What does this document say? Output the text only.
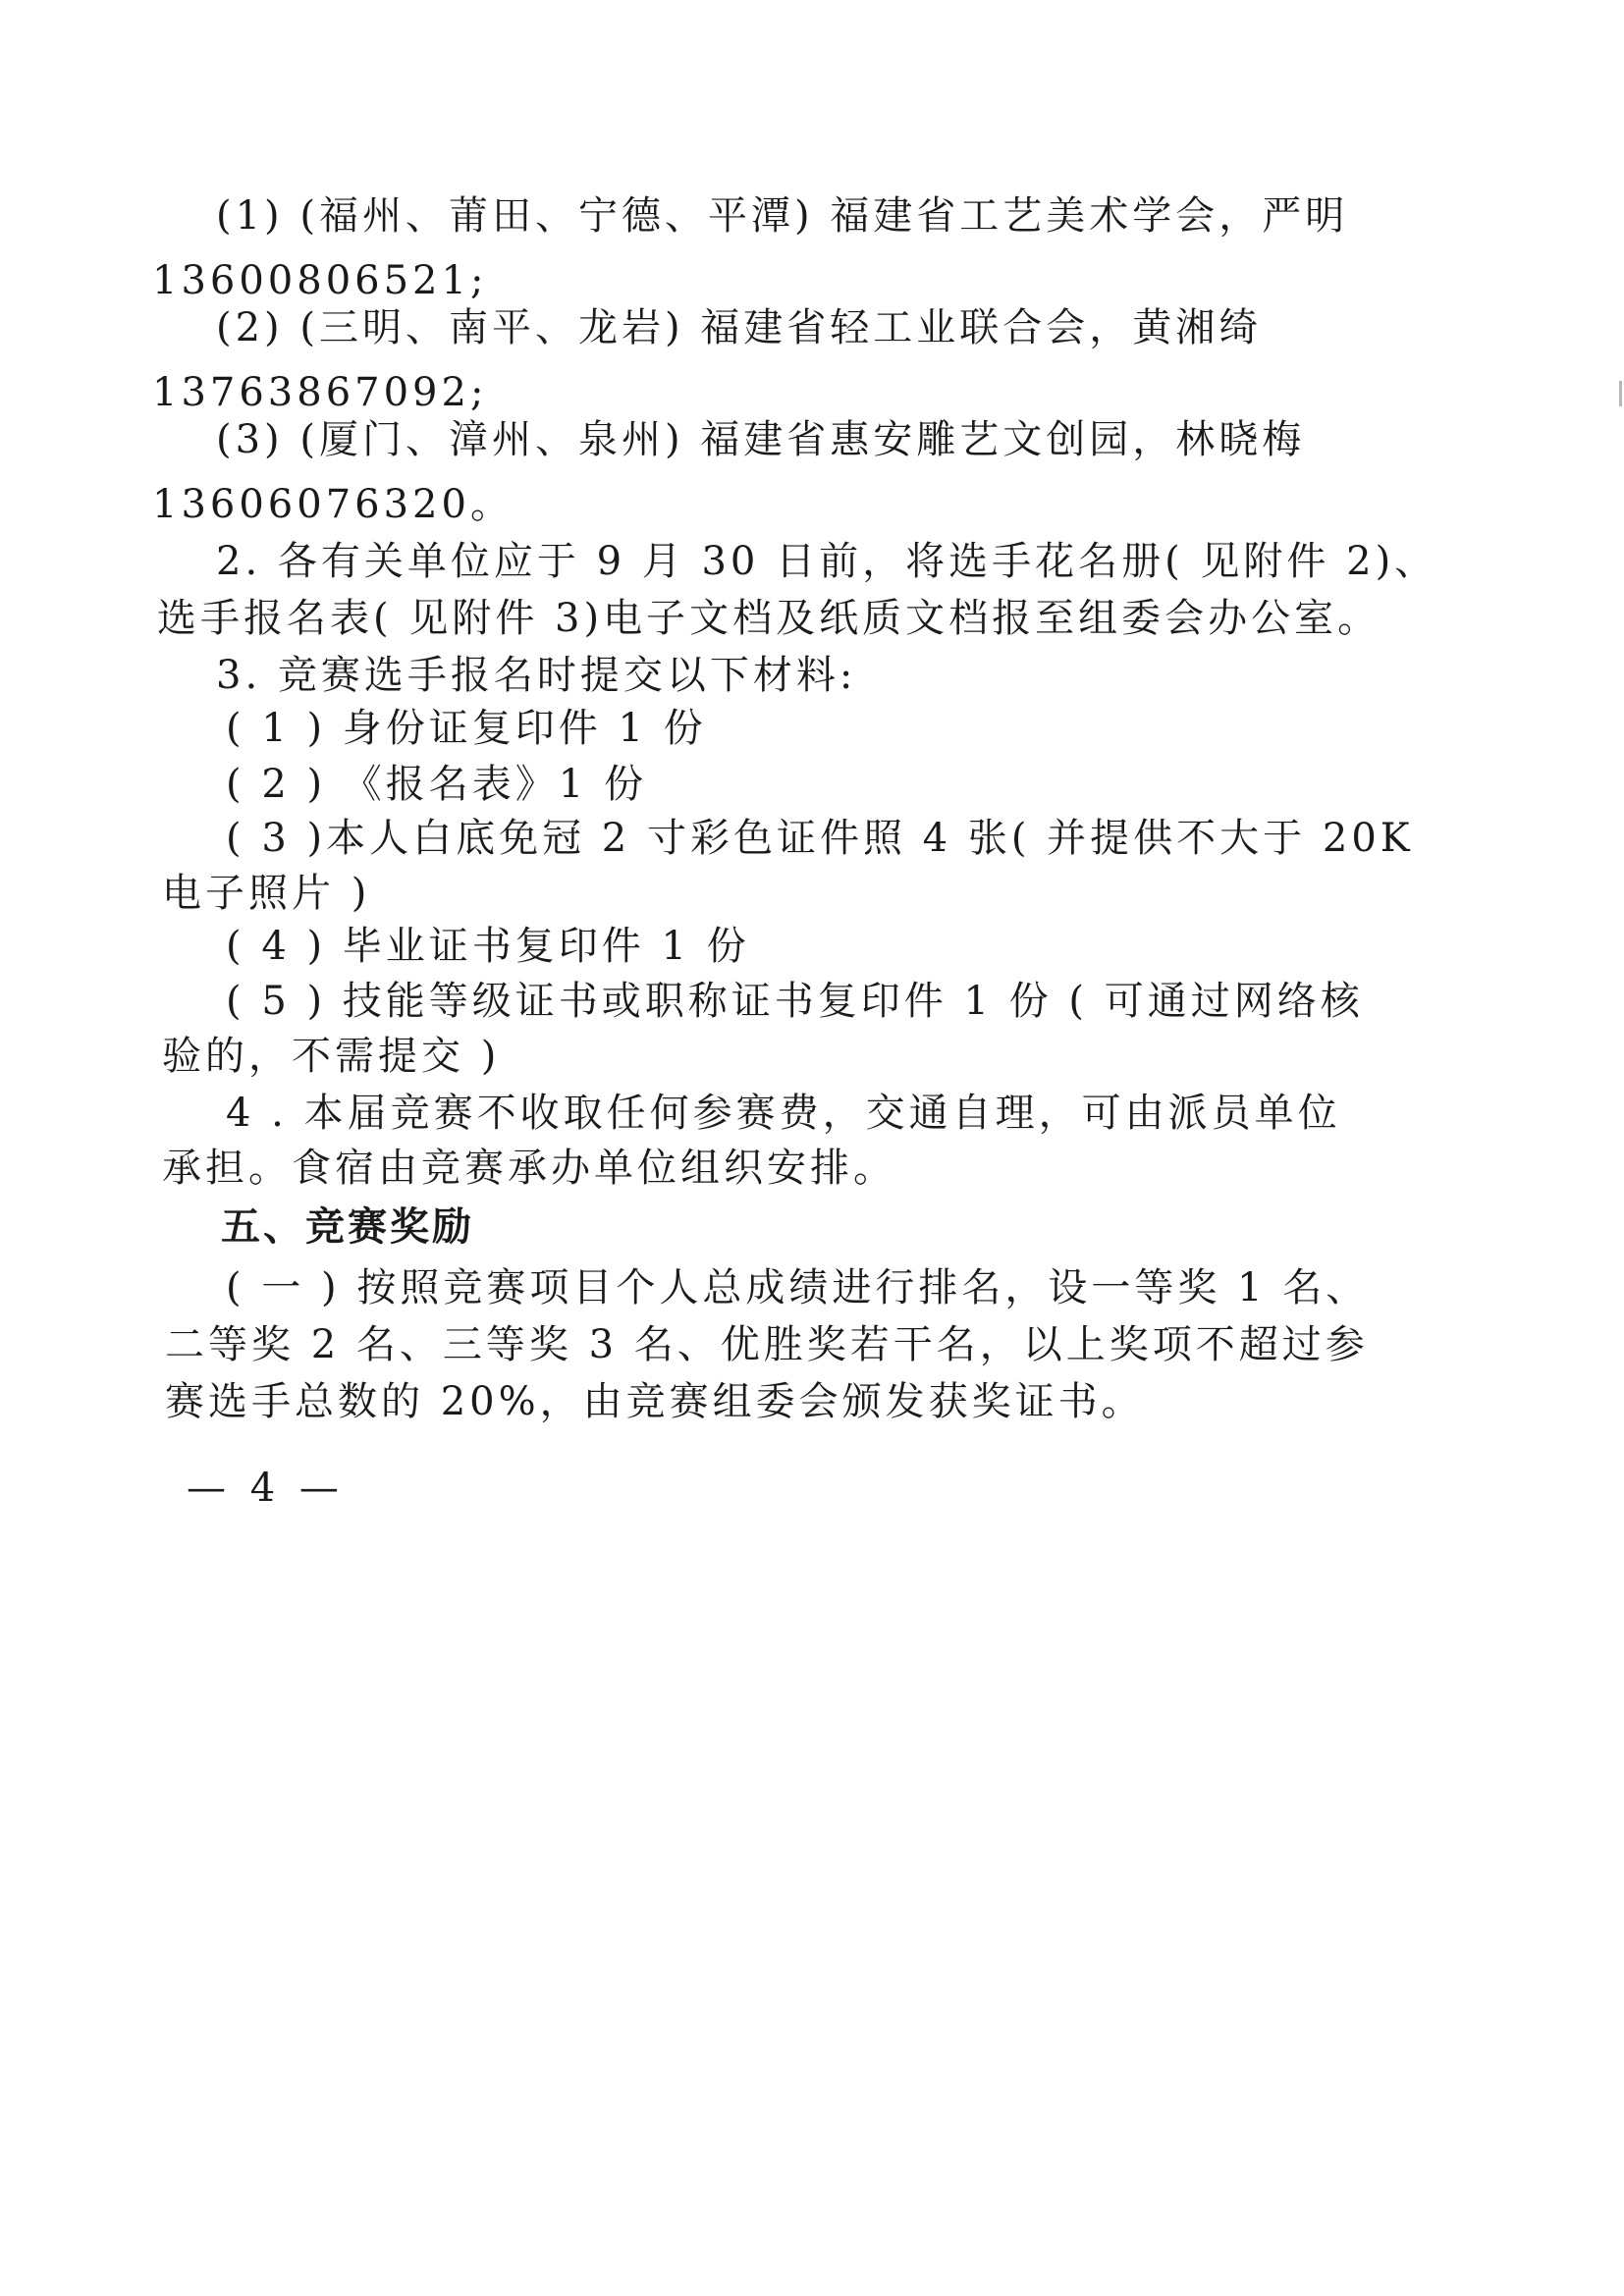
(1) (福州、莆田、宁德、平潭) 福建省工艺美术学会，严明
13600806521;
(2) (三明、南平、龙岩) 福建省轻工业联合会，黄湘绮
13763867092;
(3) (厦门、漳州、泉州) 福建省惠安雕艺文创园，林晓梅
13606076320。
2. 各有关单位应于 9 月 30 日前，将选手花名册( 见附件 2)、
选手报名表( 见附件 3)电子文档及纸质文档报至组委会办公室。
3. 竞赛选手报名时提交以下材料:
( 1 ) 身份证复印件 1 份
( 2 ) 《报名表》1 份
( 3 )本人白底免冠 2 寸彩色证件照 4 张( 并提供不大于 20K
电子照片 )
( 4 ) 毕业证书复印件 1 份
( 5 ) 技能等级证书或职称证书复印件 1 份 ( 可通过网络核
验的，不需提交 )
4 . 本届竞赛不收取任何参赛费，交通自理，可由派员单位
承担。食宿由竞赛承办单位组织安排。
五、竞赛奖励
( 一 ) 按照竞赛项目个人总成绩进行排名，设一等奖 1 名、
二等奖 2 名、三等奖 3 名、优胜奖若干名，以上奖项不超过参
赛选手总数的 20%，由竞赛组委会颁发获奖证书。
— 4 —
